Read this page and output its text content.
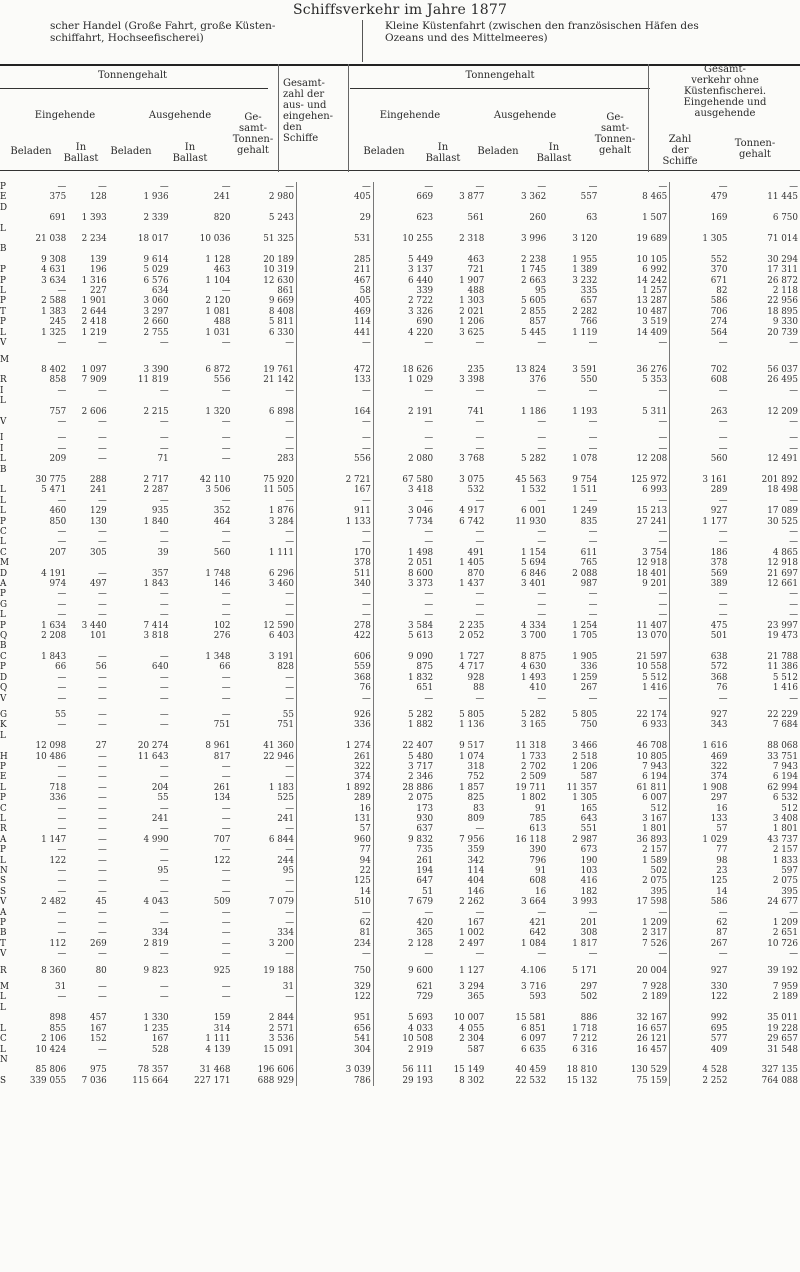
Schiffsverkehr im Jahre 1877
scher Handel (Große Fahrt, große Küsten-
schiffahrt, Hochseefischerei)
Kleine Küstenfahrt (zwischen den französischen Häfen des
Ozeans und des Mittelmeeres)
Tonnengehalt
Eingehende	Ausgehende	Ge-
samt-
Tonnen-
gehalt
Beladen	In
Ballast
Beladen	In
Ballast
Gesamt-
zahl der
aus- und
eingehen-
den
Schiffe
Tonnengehalt
Eingehende	Ausgehende	Ge-
samt-
Tonnen-
gehalt
Beladen	In
Ballast
Beladen	In
Ballast
Gesamt-
verkehr ohne
Küstenfischerei.
Eingehende und
ausgehende
Zahl
der
Schiffe
Tonnen-
gehalt
P	—	—	—	—	—	—	—	—	—	—	—	—	—
E	375	128	1 936	241	2 980	405	669	3 877	3 362	557	8 465	479	11 445
D													
	691	1 393	2 339	820	5 243	29	623	561	260	63	1 507	169	6 750
L													
	21 038	2 234	18 017	10 036	51 325	531	10 255	2 318	3 996	3 120	19 689	1 305	71 014
B													
	9 308	139	9 614	1 128	20 189	285	5 449	463	2 238	1 955	10 105	552	30 294
P	4 631	196	5 029	463	10 319	211	3 137	721	1 745	1 389	6 992	370	17 311
P	3 634	1 316	6 576	1 104	12 630	467	6 440	1 907	2 663	3 232	14 242	671	26 872
L	—	227	634	—	861	58	339	488	95	335	1 257	82	2 118
P	2 588	1 901	3 060	2 120	9 669	405	2 722	1 303	5 605	657	13 287	586	22 956
T	1 383	2 644	3 297	1 081	8 408	469	3 326	2 021	2 855	2 282	10 487	706	18 895
P	245	2 418	2 660	488	5 811	114	690	1 206	857	766	3 519	274	9 330
L	1 325	1 219	2 755	1 031	6 330	441	4 220	3 625	5 445	1 119	14 409	564	20 739
V	—	—	—	—	—	—	—	—	—	—	—	—	—

M													
	8 402	1 097	3 390	6 872	19 761	472	18 626	235	13 824	3 591	36 276	702	56 037
R	858	7 909	11 819	556	21 142	133	1 029	3 398	376	550	5 353	608	26 495
I	—	—	—	—	—	—	—	—	—	—	—	—	—
L													
	757	2 606	2 215	1 320	6 898	164	2 191	741	1 186	1 193	5 311	263	12 209
V	—	—	—	—	—	—	—	—	—	—	—	—	—

I	—	—	—	—	—	—	—	—	—	—	—	—	—
I	—	—	—	—	—	—	—	—	—	—	—	—	—
L	209	—	71	—	283	556	2 080	3 768	5 282	1 078	12 208	560	12 491
B													
	30 775	288	2 717	42 110	75 920	2 721	67 580	3 075	45 563	9 754	125 972	3 161	201 892
L	5 471	241	2 287	3 506	11 505	167	3 418	532	1 532	1 511	6 993	289	18 498
L	—	—	—	—	—	—	—	—	—	—	—	—	—
L	460	129	935	352	1 876	911	3 046	4 917	6 001	1 249	15 213	927	17 089
P	850	130	1 840	464	3 284	1 133	7 734	6 742	11 930	835	27 241	1 177	30 525
C	—	—	—	—	—	—	—	—	—	—	—	—	—
L	—	—	—	—	—	—	—	—	—	—	—	—	—
C	207	305	39	560	1 111	170	1 498	491	1 154	611	3 754	186	4 865
M						378	2 051	1 405	5 694	765	12 918	378	12 918
D	4 191	—	357	1 748	6 296	511	8 600	870	6 846	2 088	18 401	569	21 697
A	974	497	1 843	146	3 460	340	3 373	1 437	3 401	987	9 201	389	12 661
P	—	—	—	—	—	—	—	—	—	—	—	—	—
G	—	—	—	—	—	—	—	—	—	—	—	—	—
L	—	—	—	—	—	—	—	—	—	—	—	—	—
P	1 634	3 440	7 414	102	12 590	278	3 584	2 235	4 334	1 254	11 407	475	23 997
Q	2 208	101	3 818	276	6 403	422	5 613	2 052	3 700	1 705	13 070	501	19 473
B													
C	1 843	—	—	1 348	3 191	606	9 090	1 727	8 875	1 905	21 597	638	21 788
P	66	56	640	66	828	559	875	4 717	4 630	336	10 558	572	11 386
D	—	—	—	—	—	368	1 832	928	1 493	1 259	5 512	368	5 512
Q	—	—	—	—	—	76	651	88	410	267	1 416	76	1 416
V	—	—	—	—	—	—	—	—	—	—	—	—	—

G	55	—	—	—	55	926	5 282	5 805	5 282	5 805	22 174	927	22 229
K	—	—	—	751	751	336	1 882	1 136	3 165	750	6 933	343	7 684
L													
	12 098	27	20 274	8 961	41 360	1 274	22 407	9 517	11 318	3 466	46 708	1 616	88 068
H	10 486	—	11 643	817	22 946	261	5 480	1 074	1 733	2 518	10 805	469	33 751
P	—	—	—	—	—	322	3 717	318	2 702	1 206	7 943	322	7 943
E	—	—	—	—	—	374	2 346	752	2 509	587	6 194	374	6 194
L	718	—	204	261	1 183	1 892	28 886	1 857	19 711	11 357	61 811	1 908	62 994
P	336	—	55	134	525	289	2 075	825	1 802	1 305	6 007	297	6 532
C	—	—	—	—	—	16	173	83	91	165	512	16	512
L	—	—	241	—	241	131	930	809	785	643	3 167	133	3 408
R	—	—	—	—	—	57	637	—	613	551	1 801	57	1 801
A	1 147	—	4 990	707	6 844	960	9 832	7 956	16 118	2 987	36 893	1 029	43 737
P	—	—	—	—	—	77	735	359	390	673	2 157	77	2 157
L	122	—	—	122	244	94	261	342	796	190	1 589	98	1 833
N	—	—	95	—	95	22	194	114	91	103	502	23	597
S	—	—	—	—	—	125	647	404	608	416	2 075	125	2 075
S	—	—	—	—	—	14	51	146	16	182	395	14	395
V	2 482	45	4 043	509	7 079	510	7 679	2 262	3 664	3 993	17 598	586	24 677
A	—	—	—	—	—	—	—	—	—	—	—	—	—
P	—	—	—	—	—	62	420	167	421	201	1 209	62	1 209
B	—	—	334	—	334	81	365	1 002	642	308	2 317	87	2 651
T	112	269	2 819	—	3 200	234	2 128	2 497	1 084	1 817	7 526	267	10 726
V	—	—	—	—	—	—	—	—	—	—	—	—	—

R	8 360	80	9 823	925	19 188	750	9 600	1 127	4.106	5 171	20 004	927	39 192

M	31	—	—	—	31	329	621	3 294	3 716	297	7 928	330	7 959
L	—	—	—	—	—	122	729	365	593	502	2 189	122	2 189
L													
	898	457	1 330	159	2 844	951	5 693	10 007	15 581	886	32 167	992	35 011
L	855	167	1 235	314	2 571	656	4 033	4 055	6 851	1 718	16 657	695	19 228
C	2 106	152	167	1 111	3 536	541	10 508	2 304	6 097	7 212	26 121	577	29 657
L	10 424	—	528	4 139	15 091	304	2 919	587	6 635	6 316	16 457	409	31 548
N													
	85 806	975	78 357	31 468	196 606	3 039	56 111	15 149	40 459	18 810	130 529	4 528	327 135
S	339 055	7 036	115 664	227 171	688 929	786	29 193	8 302	22 532	15 132	75 159	2 252	764 088
